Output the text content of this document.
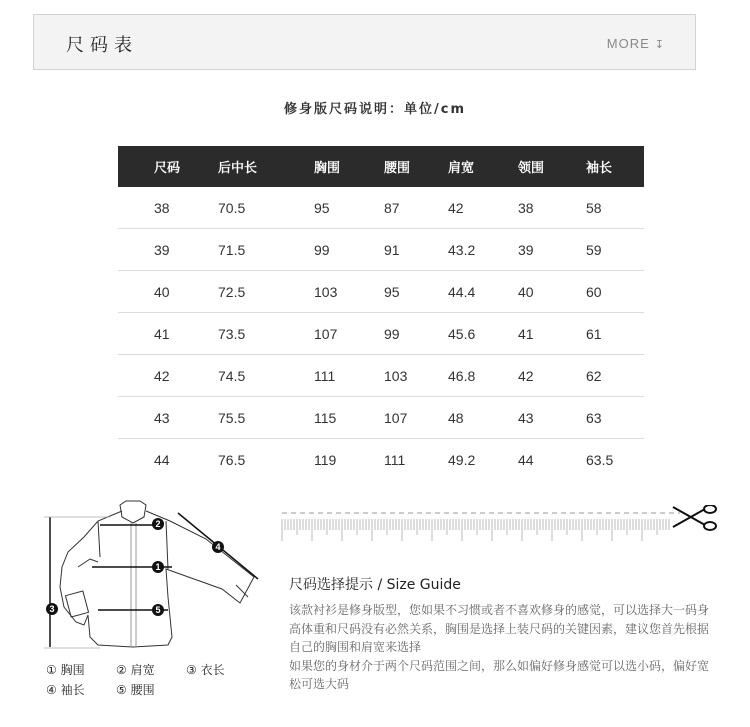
尺码表	MORE ↧
修身版尺码说明：单位/cm
尺码	后中长	胸围	腰围	肩宽	领围	袖长
38	70.5	95	87	42	38	58
39	71.5	99	91	43.2	39	59
40	72.5	103	95	44.4	40	60
41	73.5	107	99	45.6	41	61
42	74.5	111	103	46.8	42	62
43	75.5	115	107	48	43	63
44	76.5	119	111	49.2	44	63.5
2
1
3
4
5
① 胸围	② 肩宽	③ 衣长
④ 袖长	⑤ 腰围
尺码选择提示 / Size Guide

该款衬衫是修身版型，您如果不习惯或者不喜欢修身的感觉，可以选择大一码身高体重和尺码没有必然关系，胸围是选择上装尺码的关键因素，建议您首先根据自己的胸围和肩宽来选择

如果您的身材介于两个尺码范围之间，那么如偏好修身感觉可以选小码，偏好宽松可选大码
